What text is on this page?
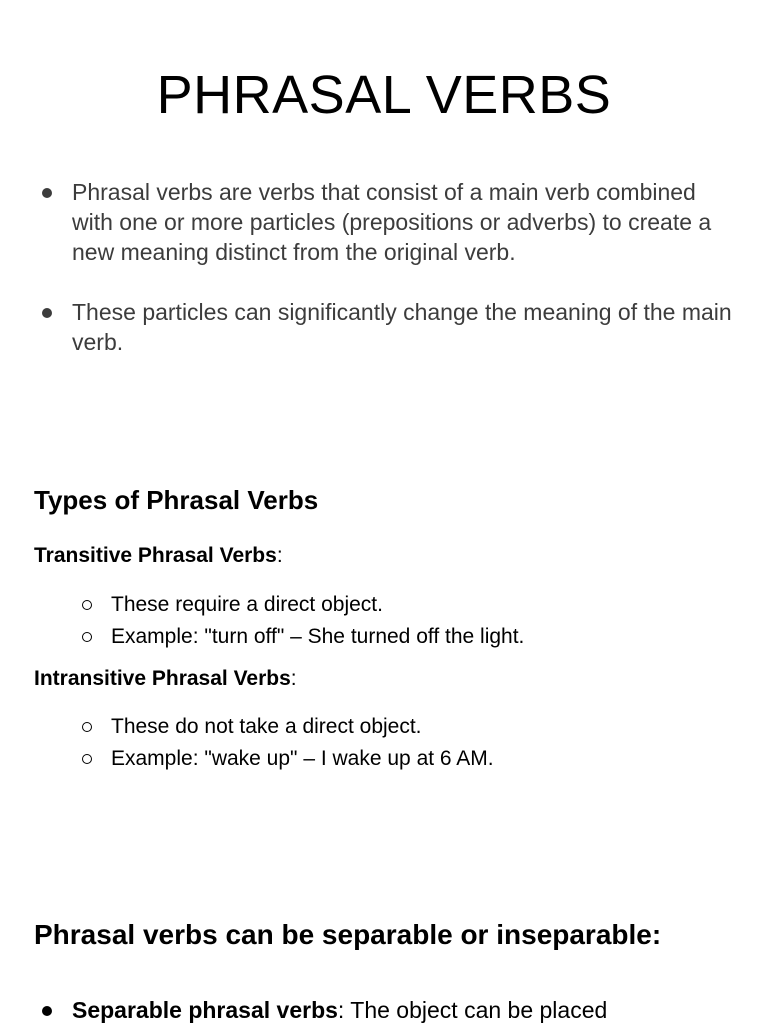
PHRASAL VERBS
Phrasal verbs are verbs that consist of a main verb combined with one or more particles (prepositions or adverbs) to create a new meaning distinct from the original verb.
These particles can significantly change the meaning of the main verb.
Types of Phrasal Verbs

Transitive Phrasal Verbs:

These require a direct object.
Example: "turn off" – She turned off the light.

Intransitive Phrasal Verbs:

These do not take a direct object.
Example: "wake up" – I wake up at 6 AM.
Phrasal verbs can be separable or inseparable:
Separable phrasal verbs: The object can be placed
